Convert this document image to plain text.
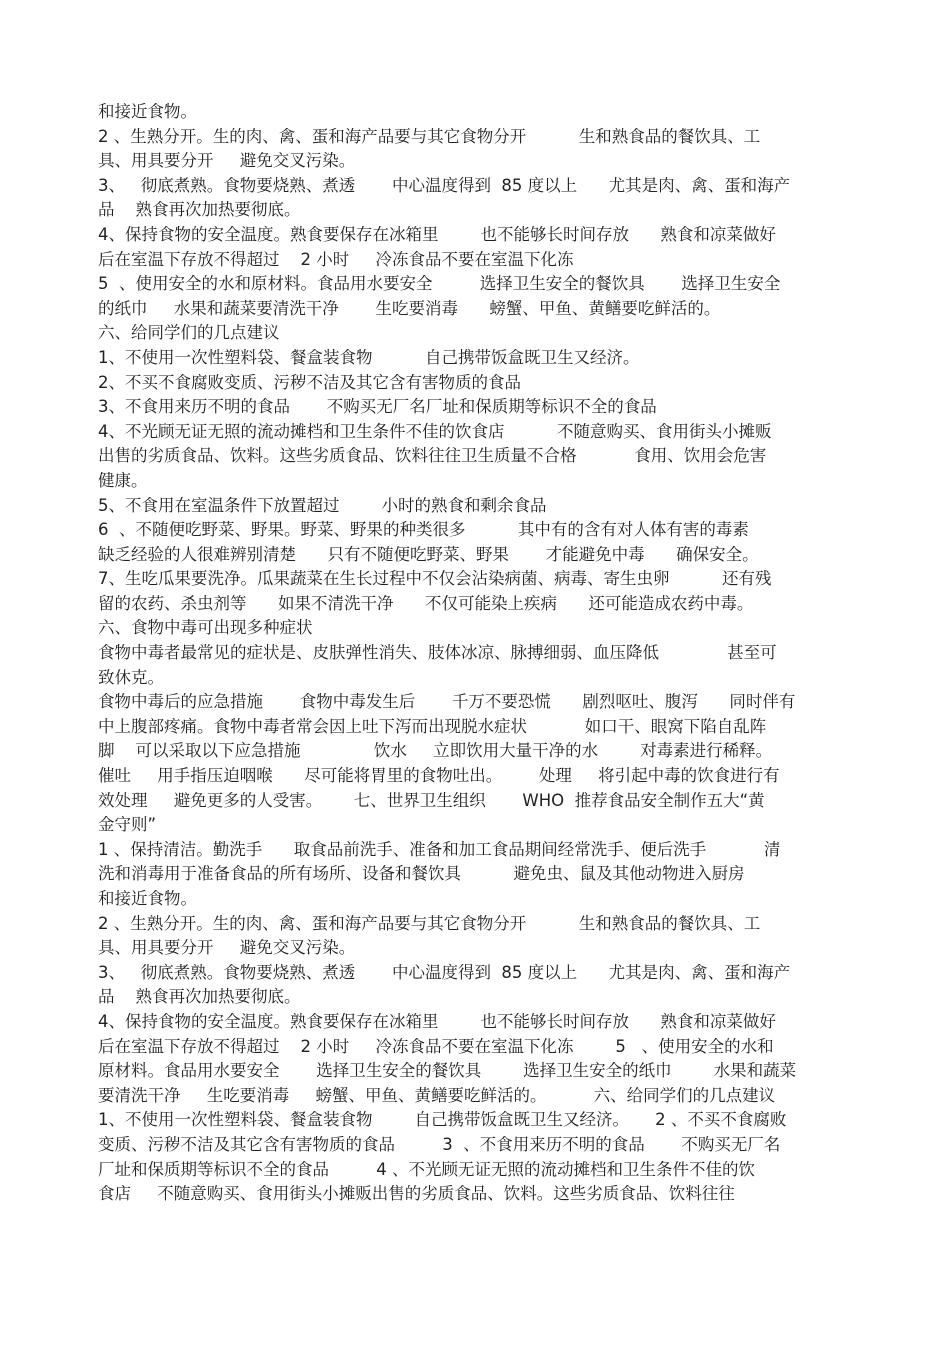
和接近食物。
2 、生熟分开。生的肉、禽、蛋和海产品要与其它食物分开          生和熟食品的餐饮具、工
具、用具要分开     避免交叉污染。
3、   彻底煮熟。食物要烧熟、煮透       中心温度得到  85 度以上      尤其是肉、禽、蛋和海产
品    熟食再次加热要彻底。
4、保持食物的安全温度。熟食要保存在冰箱里        也不能够长时间存放      熟食和凉菜做好
后在室温下存放不得超过    2 小时     冷冻食品不要在室温下化冻
5  、使用安全的水和原材料。食品用水要安全         选择卫生安全的餐饮具       选择卫生安全
的纸巾     水果和蔬菜要清洗干净       生吃要消毒      螃蟹、甲鱼、黄鳝要吃鲜活的。
六、给同学们的几点建议
1、不使用一次性塑料袋、餐盒装食物          自己携带饭盒既卫生又经济。
2、不买不食腐败变质、污秽不洁及其它含有害物质的食品
3、不食用来历不明的食品       不购买无厂名厂址和保质期等标识不全的食品
4、不光顾无证无照的流动摊档和卫生条件不佳的饮食店          不随意购买、食用街头小摊贩
出售的劣质食品、饮料。这些劣质食品、饮料往往卫生质量不合格           食用、饮用会危害
健康。
5、不食用在室温条件下放置超过        小时的熟食和剩余食品
6  、不随便吃野菜、野果。野菜、野果的种类很多          其中有的含有对人体有害的毒素
缺乏经验的人很难辨别清楚      只有不随便吃野菜、野果       才能避免中毒      确保安全。
7、生吃瓜果要洗净。瓜果蔬菜在生长过程中不仅会沾染病菌、病毒、寄生虫卵          还有残
留的农药、杀虫剂等      如果不清洗干净      不仅可能染上疾病      还可能造成农药中毒。
六、食物中毒可出现多种症状
食物中毒者最常见的症状是、皮肤弹性消失、肢体冰凉、脉搏细弱、血压降低             甚至可
致休克。
食物中毒后的应急措施       食物中毒发生后       千万不要恐慌      剧烈呕吐、腹泻      同时伴有
中上腹部疼痛。食物中毒者常会因上吐下泻而出现脱水症状           如口干、眼窝下陷自乱阵
脚    可以采取以下应急措施              饮水     立即饮用大量干净的水        对毒素进行稀释。
催吐     用手指压迫咽喉      尽可能将胃里的食物吐出。       处理     将引起中毒的饮食进行有
效处理     避免更多的人受害。      七、世界卫生组织       WHO  推荐食品安全制作五大“黄
金守则”
1 、保持清洁。勤洗手      取食品前洗手、准备和加工食品期间经常洗手、便后洗手           清
洗和消毒用于准备食品的所有场所、设备和餐饮具          避免虫、鼠及其他动物进入厨房
和接近食物。
2 、生熟分开。生的肉、禽、蛋和海产品要与其它食物分开          生和熟食品的餐饮具、工
具、用具要分开     避免交叉污染。
3、   彻底煮熟。食物要烧熟、煮透       中心温度得到  85 度以上      尤其是肉、禽、蛋和海产
品    熟食再次加热要彻底。
4、保持食物的安全温度。熟食要保存在冰箱里        也不能够长时间存放      熟食和凉菜做好
后在室温下存放不得超过    2 小时     冷冻食品不要在室温下化冻        5   、使用安全的水和
原材料。食品用水要安全       选择卫生安全的餐饮具        选择卫生安全的纸巾        水果和蔬菜
要清洗干净     生吃要消毒     螃蟹、甲鱼、黄鳝要吃鲜活的。         六、给同学们的几点建议
1、不使用一次性塑料袋、餐盒装食物        自己携带饭盒既卫生又经济。     2 、不买不食腐败
变质、污秽不洁及其它含有害物质的食品         3  、不食用来历不明的食品       不购买无厂名
厂址和保质期等标识不全的食品         4 、不光顾无证无照的流动摊档和卫生条件不佳的饮
食店     不随意购买、食用街头小摊贩出售的劣质食品、饮料。这些劣质食品、饮料往往
